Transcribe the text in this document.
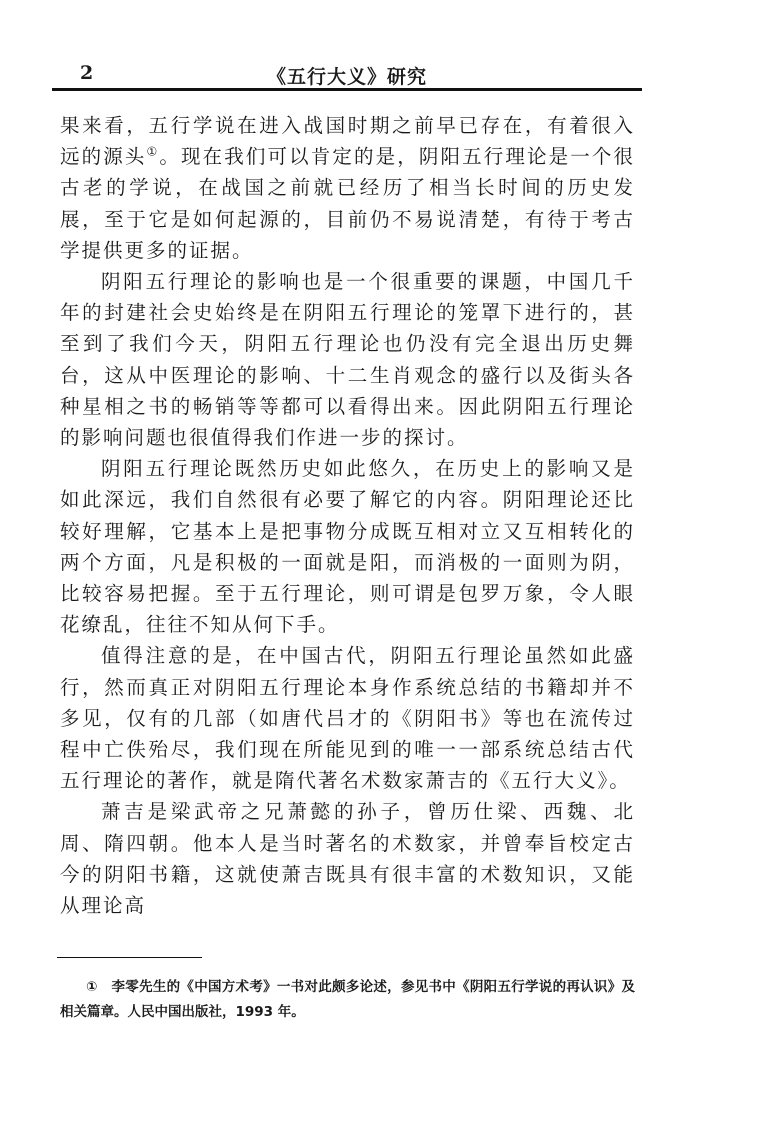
2	《五行大义》研究

果来看，五行学说在进入战国时期之前早已存在，有着很入远的源头①。现在我们可以肯定的是，阴阳五行理论是一个很古老的学说，在战国之前就已经历了相当长时间的历史发展，至于它是如何起源的，目前仍不易说清楚，有待于考古学提供更多的证据。

阴阳五行理论的影响也是一个很重要的课题，中国几千年的封建社会史始终是在阴阳五行理论的笼罩下进行的，甚至到了我们今天，阴阳五行理论也仍没有完全退出历史舞台，这从中医理论的影响、十二生肖观念的盛行以及街头各种星相之书的畅销等等都可以看得出来。因此阴阳五行理论的影响问题也很值得我们作进一步的探讨。

阴阳五行理论既然历史如此悠久，在历史上的影响又是如此深远，我们自然很有必要了解它的内容。阴阳理论还比较好理解，它基本上是把事物分成既互相对立又互相转化的两个方面，凡是积极的一面就是阳，而消极的一面则为阴，比较容易把握。至于五行理论，则可谓是包罗万象，令人眼花缭乱，往往不知从何下手。

值得注意的是，在中国古代，阴阳五行理论虽然如此盛行，然而真正对阴阳五行理论本身作系统总结的书籍却并不多见，仅有的几部（如唐代吕才的《阴阳书》等也在流传过程中亡佚殆尽，我们现在所能见到的唯一一部系统总结古代五行理论的著作，就是隋代著名术数家萧吉的《五行大义》。

萧吉是梁武帝之兄萧懿的孙子，曾历仕梁、西魏、北周、隋四朝。他本人是当时著名的术数家，并曾奉旨校定古今的阴阳书籍，这就使萧吉既具有很丰富的术数知识，又能从理论高

①　李零先生的《中国方术考》一书对此颇多论述，参见书中《阴阳五行学说的再认识》及相关篇章。人民中国出版社，1993 年。
